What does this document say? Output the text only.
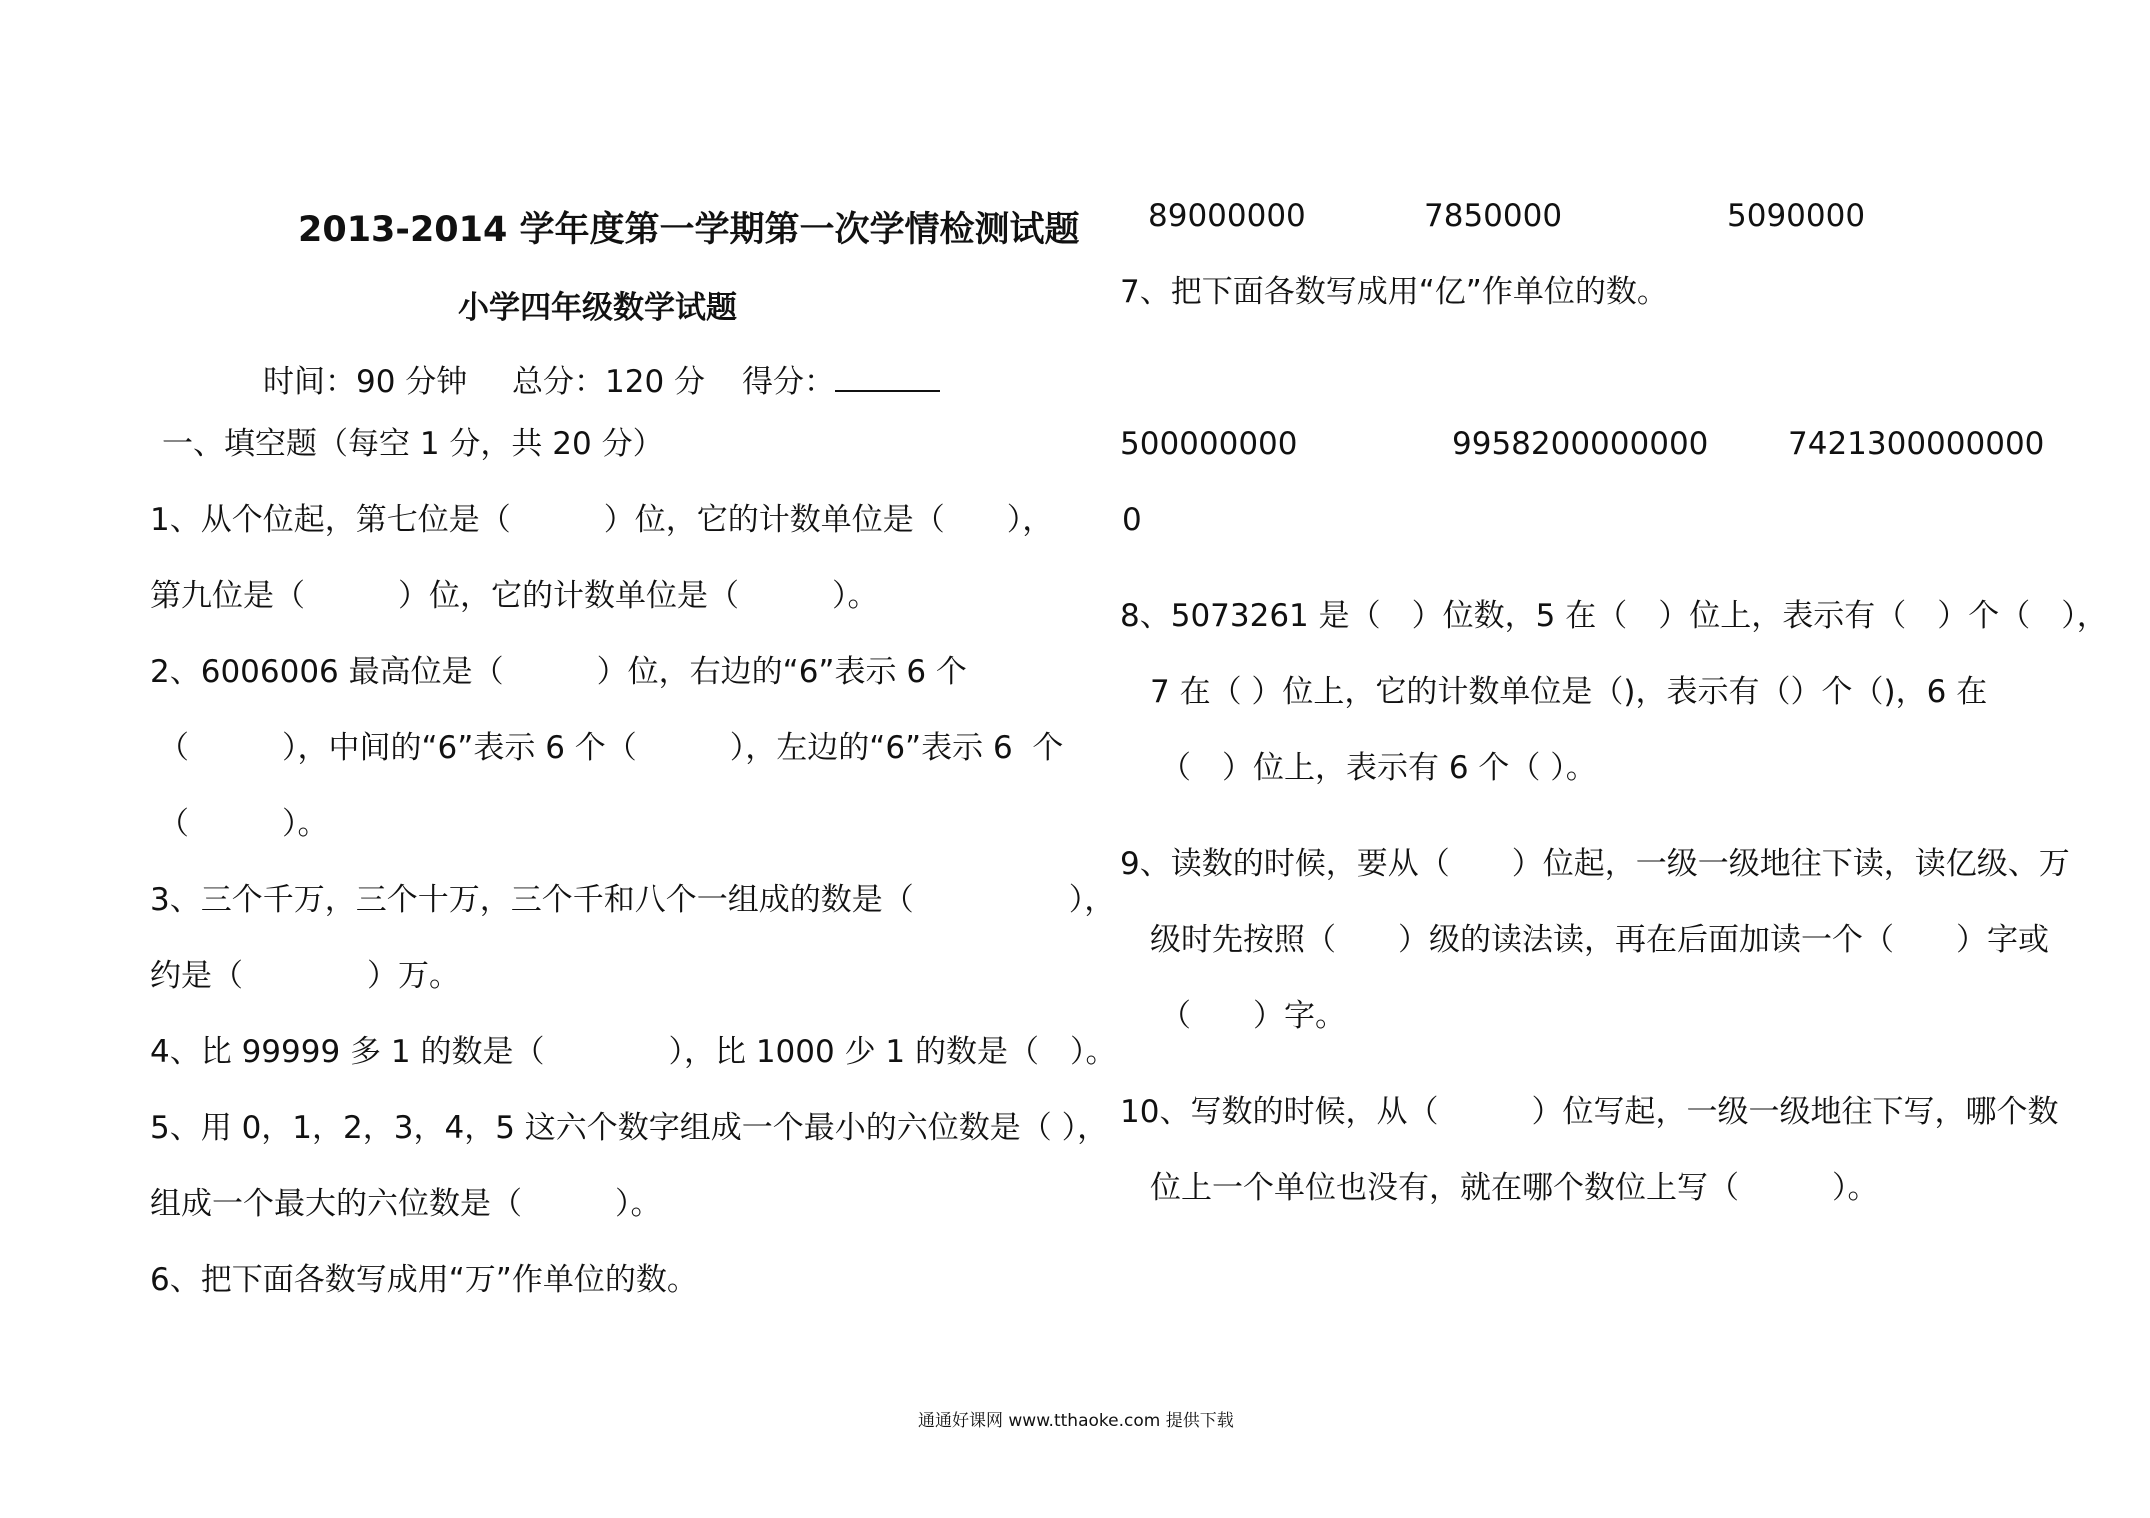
2013-2014 学年度第一学期第一次学情检测试题
小学四年级数学试题
时间：90 分钟 总分：120 分 得分：
一、填空题（每空 1 分，共 20 分）
1、从个位起，第七位是（　　　）位，它的计数单位是（　　），
第九位是（　　　）位，它的计数单位是（　　　）。
2、6006006 最高位是（　　　）位，右边的“6”表示 6 个
（　　　），中间的“6”表示 6 个（　　　），左边的“6”表示 6  个
（　　　）。
3、三个千万，三个十万，三个千和八个一组成的数是（　　　　　），
约是（　　　　）万。
4、比 99999 多 1 的数是（　　　　），比 1000 少 1 的数是（　）。
5、用 0，1，2，3，4，5 这六个数字组成一个最小的六位数是（ ），
组成一个最大的六位数是（　　　）。
6、把下面各数写成用“万”作单位的数。
89000000	7850000	5090000
7、把下面各数写成用“亿”作单位的数。
500000000	9958200000000	7421300000000
0
8、5073261 是（　）位数，5 在（　）位上，表示有（　）个（　），
7 在（ ）位上，它的计数单位是（)，表示有（）个（)，6 在
（　）位上，表示有 6 个（ ）。
9、读数的时候，要从（　　）位起，一级一级地往下读，读亿级、万
级时先按照（　　）级的读法读，再在后面加读一个（　　）字或
（　　）字。
10、写数的时候，从（　　　）位写起，一级一级地往下写，哪个数
位上一个单位也没有，就在哪个数位上写（　　　）。
通通好课网 www.tthaoke.com 提供下载
